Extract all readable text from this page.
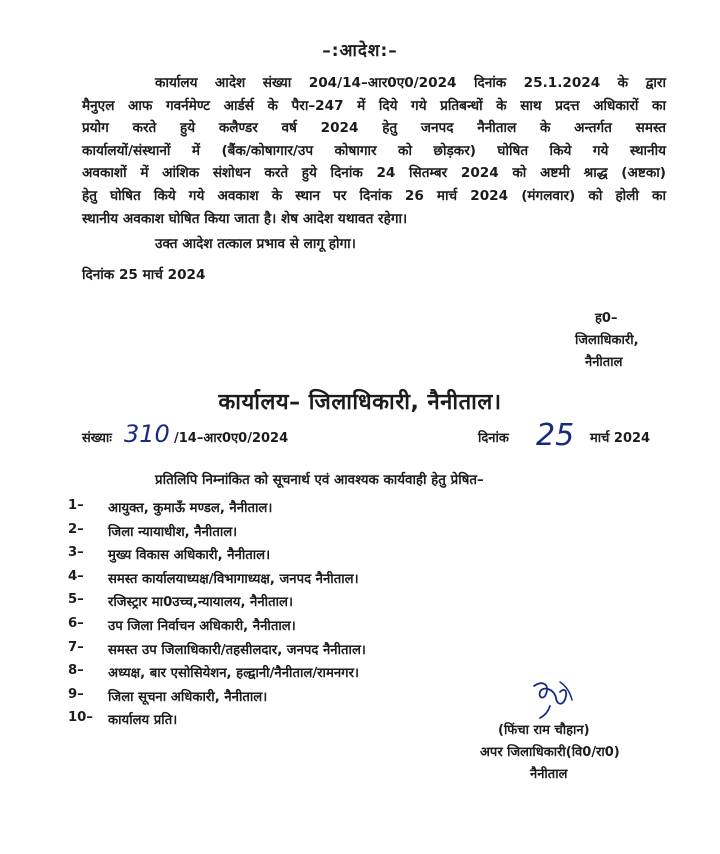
–:आदेश:–
कार्यालय आदेश संख्या 204/14–आर0ए0/2024 दिनांक 25.1.2024 के द्वारा
मैनुएल आफ गवर्नमेण्ट आर्डर्स के पैरा–247 में दिये गये प्रतिबन्धों के साथ प्रदत्त अधिकारों का
प्रयोग करते हुये कलैण्डर वर्ष 2024 हेतु जनपद नैनीताल के अन्तर्गत समस्त
कार्यालयों/संस्थानों में (बैंक/कोषागार/उप कोषागार को छोड़कर) घोषित किये गये स्थानीय
अवकाशों में आंशिक संशोधन करते हुये दिनांक 24 सितम्बर 2024 को अष्टमी श्राद्ध (अष्टका)
हेतु घोषित किये गये अवकाश के स्थान पर दिनांक 26 मार्च 2024 (मंगलवार) को होली का
स्थानीय अवकाश घोषित किया जाता है। शेष आदेश यथावत रहेगा।
उक्त आदेश तत्काल प्रभाव से लागू होगा।
दिनांक 25 मार्च 2024
ह0–
जिलाधिकारी,
नैनीताल
कार्यालय– जिलाधिकारी, नैनीताल।
संख्याः 310 /14–आर0ए0/2024	दिनांक 25 मार्च 2024
प्रतिलिपि निम्नांकित को सूचनार्थ एवं आवश्यक कार्यवाही हेतु प्रेषित–
1–	आयुक्त, कुमाऊँ मण्डल, नैनीताल।
2–	जिला न्यायाधीश, नैनीताल।
3–	मुख्य विकास अधिकारी, नैनीताल।
4–	समस्त कार्यालयाध्यक्ष/विभागाध्यक्ष, जनपद नैनीताल।
5–	रजिस्ट्रार मा0उच्च,न्यायालय, नैनीताल।
6–	उप जिला निर्वाचन अधिकारी, नैनीताल।
7–	समस्त उप जिलाधिकारी/तहसीलदार, जनपद नैनीताल।
8–	अध्यक्ष, बार एसोसियेशन, हल्द्वानी/नैनीताल/रामनगर।
9–	जिला सूचना अधिकारी, नैनीताल।
10–	कार्यालय प्रति।
(फिंचा राम चौहान)
अपर जिलाधिकारी(वि0/रा0)
नैनीताल
